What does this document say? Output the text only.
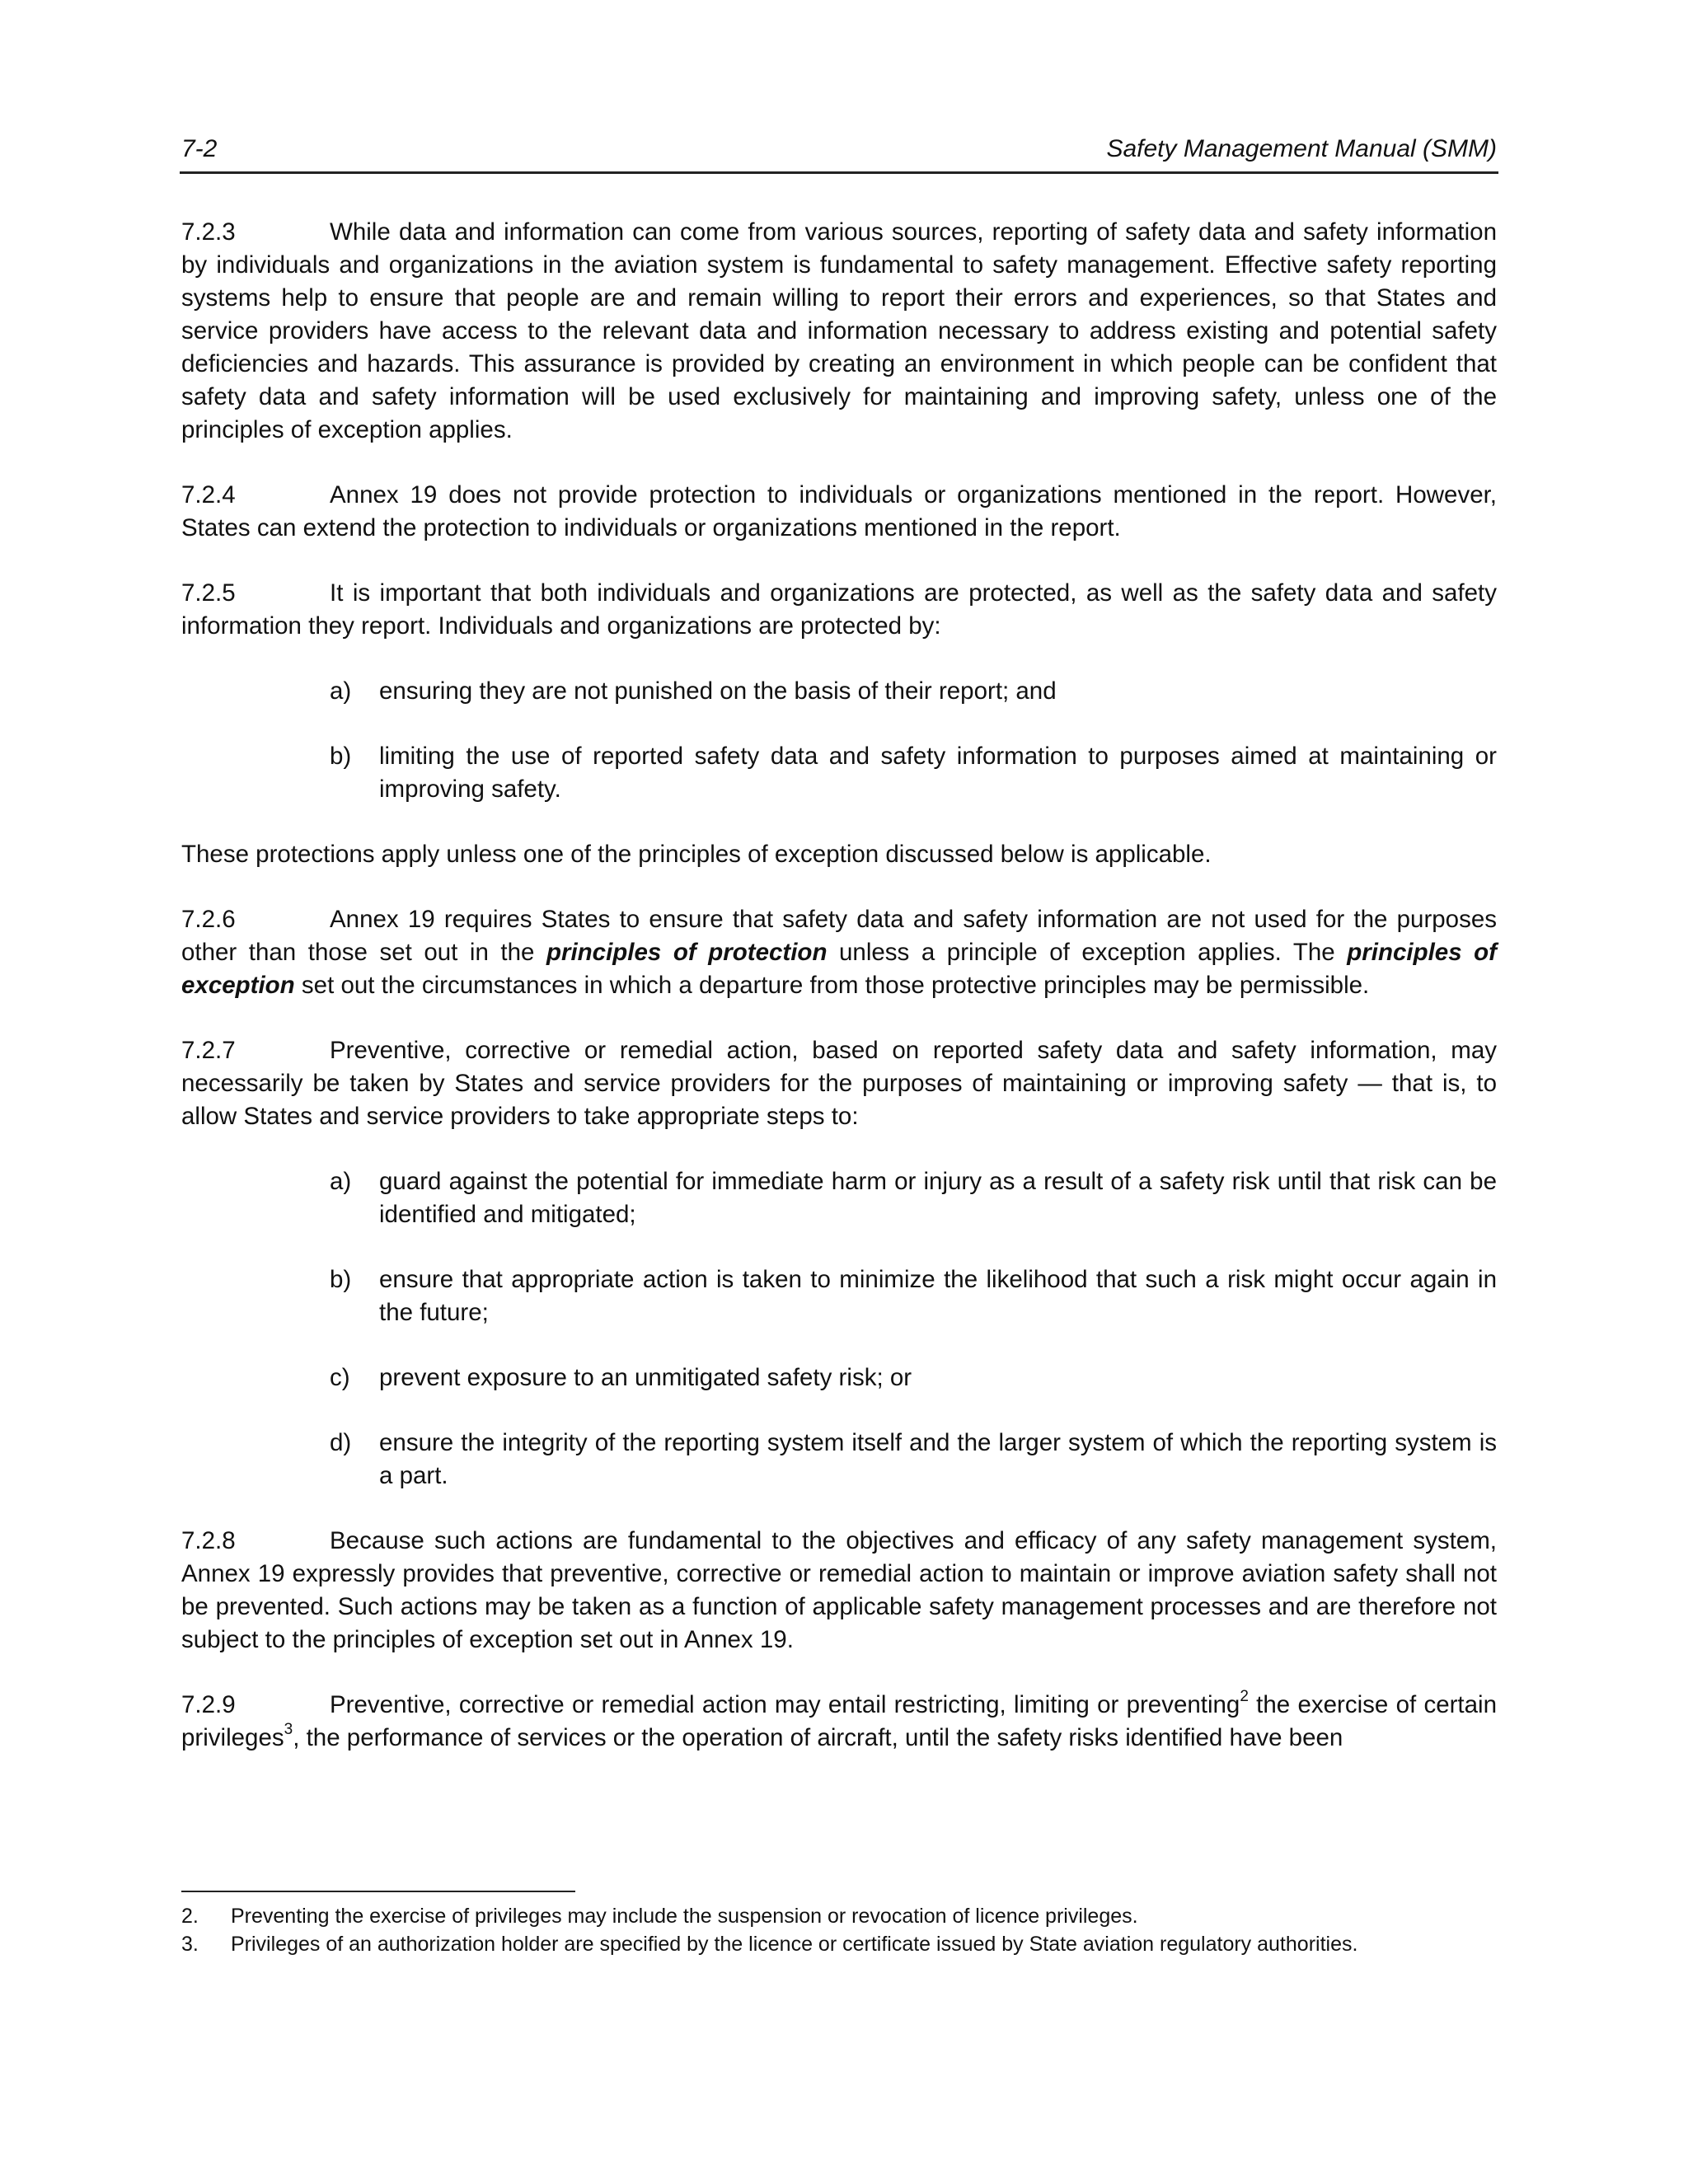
7-2	Safety Management Manual (SMM)

7.2.3	While data and information can come from various sources, reporting of safety data and safety information by individuals and organizations in the aviation system is fundamental to safety management. Effective safety reporting systems help to ensure that people are and remain willing to report their errors and experiences, so that States and service providers have access to the relevant data and information necessary to address existing and potential safety deficiencies and hazards. This assurance is provided by creating an environment in which people can be confident that safety data and safety information will be used exclusively for maintaining and improving safety, unless one of the principles of exception applies.

7.2.4	Annex 19 does not provide protection to individuals or organizations mentioned in the report. However, States can extend the protection to individuals or organizations mentioned in the report.

7.2.5	It is important that both individuals and organizations are protected, as well as the safety data and safety information they report. Individuals and organizations are protected by:

a)	ensuring they are not punished on the basis of their report; and
b)	limiting the use of reported safety data and safety information to purposes aimed at maintaining or improving safety.

These protections apply unless one of the principles of exception discussed below is applicable.

7.2.6	Annex 19 requires States to ensure that safety data and safety information are not used for the purposes other than those set out in the principles of protection unless a principle of exception applies. The principles of exception set out the circumstances in which a departure from those protective principles may be permissible.

7.2.7	Preventive, corrective or remedial action, based on reported safety data and safety information, may necessarily be taken by States and service providers for the purposes of maintaining or improving safety — that is, to allow States and service providers to take appropriate steps to:

a)	guard against the potential for immediate harm or injury as a result of a safety risk until that risk can be identified and mitigated;
b)	ensure that appropriate action is taken to minimize the likelihood that such a risk might occur again in the future;
c)	prevent exposure to an unmitigated safety risk; or
d)	ensure the integrity of the reporting system itself and the larger system of which the reporting system is a part.

7.2.8	Because such actions are fundamental to the objectives and efficacy of any safety management system, Annex 19 expressly provides that preventive, corrective or remedial action to maintain or improve aviation safety shall not be prevented. Such actions may be taken as a function of applicable safety management processes and are therefore not subject to the principles of exception set out in Annex 19.

7.2.9	Preventive, corrective or remedial action may entail restricting, limiting or preventing$^2$ the exercise of certain privileges$^3$, the performance of services or the operation of aircraft, until the safety risks identified have been

2.	Preventing the exercise of privileges may include the suspension or revocation of licence privileges.
3.	Privileges of an authorization holder are specified by the licence or certificate issued by State aviation regulatory authorities.
